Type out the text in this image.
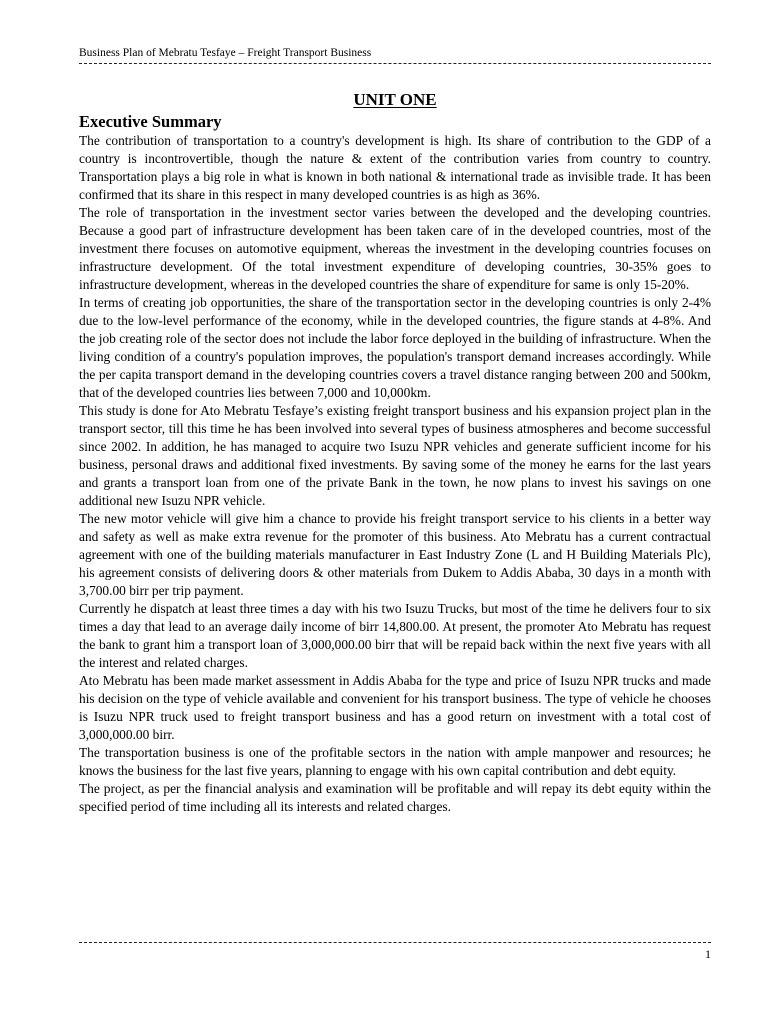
Business Plan of Mebratu Tesfaye – Freight Transport Business
UNIT ONE
Executive Summary

The contribution of transportation to a country's development is high. Its share of contribution to the GDP of a country is incontrovertible, though the nature & extent of the contribution varies from country to country. Transportation plays a big role in what is known in both national & international trade as invisible trade. It has been confirmed that its share in this respect in many developed countries is as high as 36%.

The role of transportation in the investment sector varies between the developed and the developing countries. Because a good part of infrastructure development has been taken care of in the developed countries, most of the investment there focuses on automotive equipment, whereas the investment in the developing countries focuses on infrastructure development. Of the total investment expenditure of developing countries, 30-35% goes to infrastructure development, whereas in the developed countries the share of expenditure for same is only 15-20%.

In terms of creating job opportunities, the share of the transportation sector in the developing countries is only 2-4% due to the low-level performance of the economy, while in the developed countries, the figure stands at 4-8%. And the job creating role of the sector does not include the labor force deployed in the building of infrastructure. When the living condition of a country's population improves, the population's transport demand increases accordingly. While the per capita transport demand in the developing countries covers a travel distance ranging between 200 and 500km, that of the developed countries lies between 7,000 and 10,000km.

This study is done for Ato Mebratu Tesfaye’s existing freight transport business and his expansion project plan in the transport sector, till this time he has been involved into several types of business atmospheres and become successful since 2002. In addition, he has managed to acquire two Isuzu NPR vehicles and generate sufficient income for his business, personal draws and additional fixed investments. By saving some of the money he earns for the last years and grants a transport loan from one of the private Bank in the town, he now plans to invest his savings on one additional new Isuzu NPR vehicle.

The new motor vehicle will give him a chance to provide his freight transport service to his clients in a better way and safety as well as make extra revenue for the promoter of this business. Ato Mebratu has a current contractual agreement with one of the building materials manufacturer in East Industry Zone (L and H Building Materials Plc), his agreement consists of delivering doors & other materials from Dukem to Addis Ababa, 30 days in a month with 3,700.00 birr per trip payment.

Currently he dispatch at least three times a day with his two Isuzu Trucks, but most of the time he delivers four to six times a day that lead to an average daily income of birr 14,800.00. At present, the promoter Ato Mebratu has request the bank to grant him a transport loan of 3,000,000.00 birr that will be repaid back within the next five years with all the interest and related charges.

Ato Mebratu has been made market assessment in Addis Ababa for the type and price of Isuzu NPR trucks and made his decision on the type of vehicle available and convenient for his transport business. The type of vehicle he chooses is Isuzu NPR truck used to freight transport business and has a good return on investment with a total cost of 3,000,000.00 birr.

The transportation business is one of the profitable sectors in the nation with ample manpower and resources; he knows the business for the last five years, planning to engage with his own capital contribution and debt equity.

The project, as per the financial analysis and examination will be profitable and will repay its debt equity within the specified period of time including all its interests and related charges.

1
